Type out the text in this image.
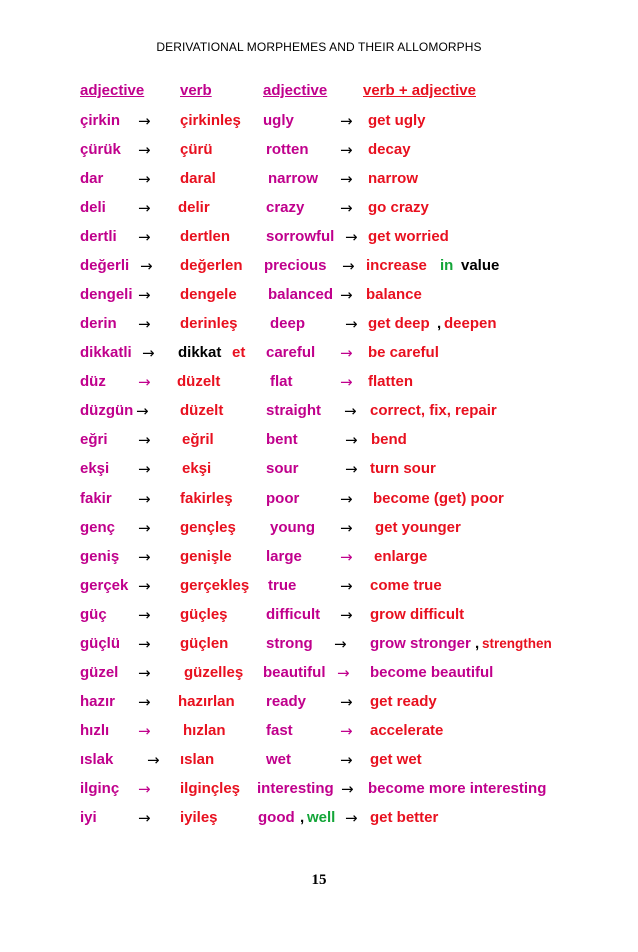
DERIVATIONAL MORPHEMES AND THEIR ALLOMORPHS
adjective verb	adjective verb + adjective
çirkin → çirkinleş ugly	→ get ugly
çürük → çürü	rotten → decay
dar → daral	narrow → narrow
deli → delir	crazy → go crazy
dertli → dertlen sorrowful → get worried
değerli → değerlen precious → increase in value
dengeli → dengele balanced → balance
derin → derinleş deep	→ get deep , deepen
dikkatli → dikkat et careful → be careful
düz → düzelt	flat	→ flatten
düzgün → düzelt	straight → correct, fix, repair
eğri → eğril	bent	→ bend
ekşi → ekşi	sour	→ turn sour
fakir → fakirleş poor	→ become (get) poor
genç → gençleş young → get younger
geniş → genişle large	→ enlarge
gerçek → gerçekleş true	→ come true
güç → güçleş	difficult → grow difficult
güçlü → güçlen	strong → grow stronger , strengthen
güzel → güzelleş beautiful → become beautiful
hazır → hazırlan ready → get ready
hızlı → hızlan	fast	→ accelerate
ıslak → ıslan	wet	→ get wet
ilginç → ilginçleş interesting → become more interesting
iyi	→ iyileş	good , well → get better
15
